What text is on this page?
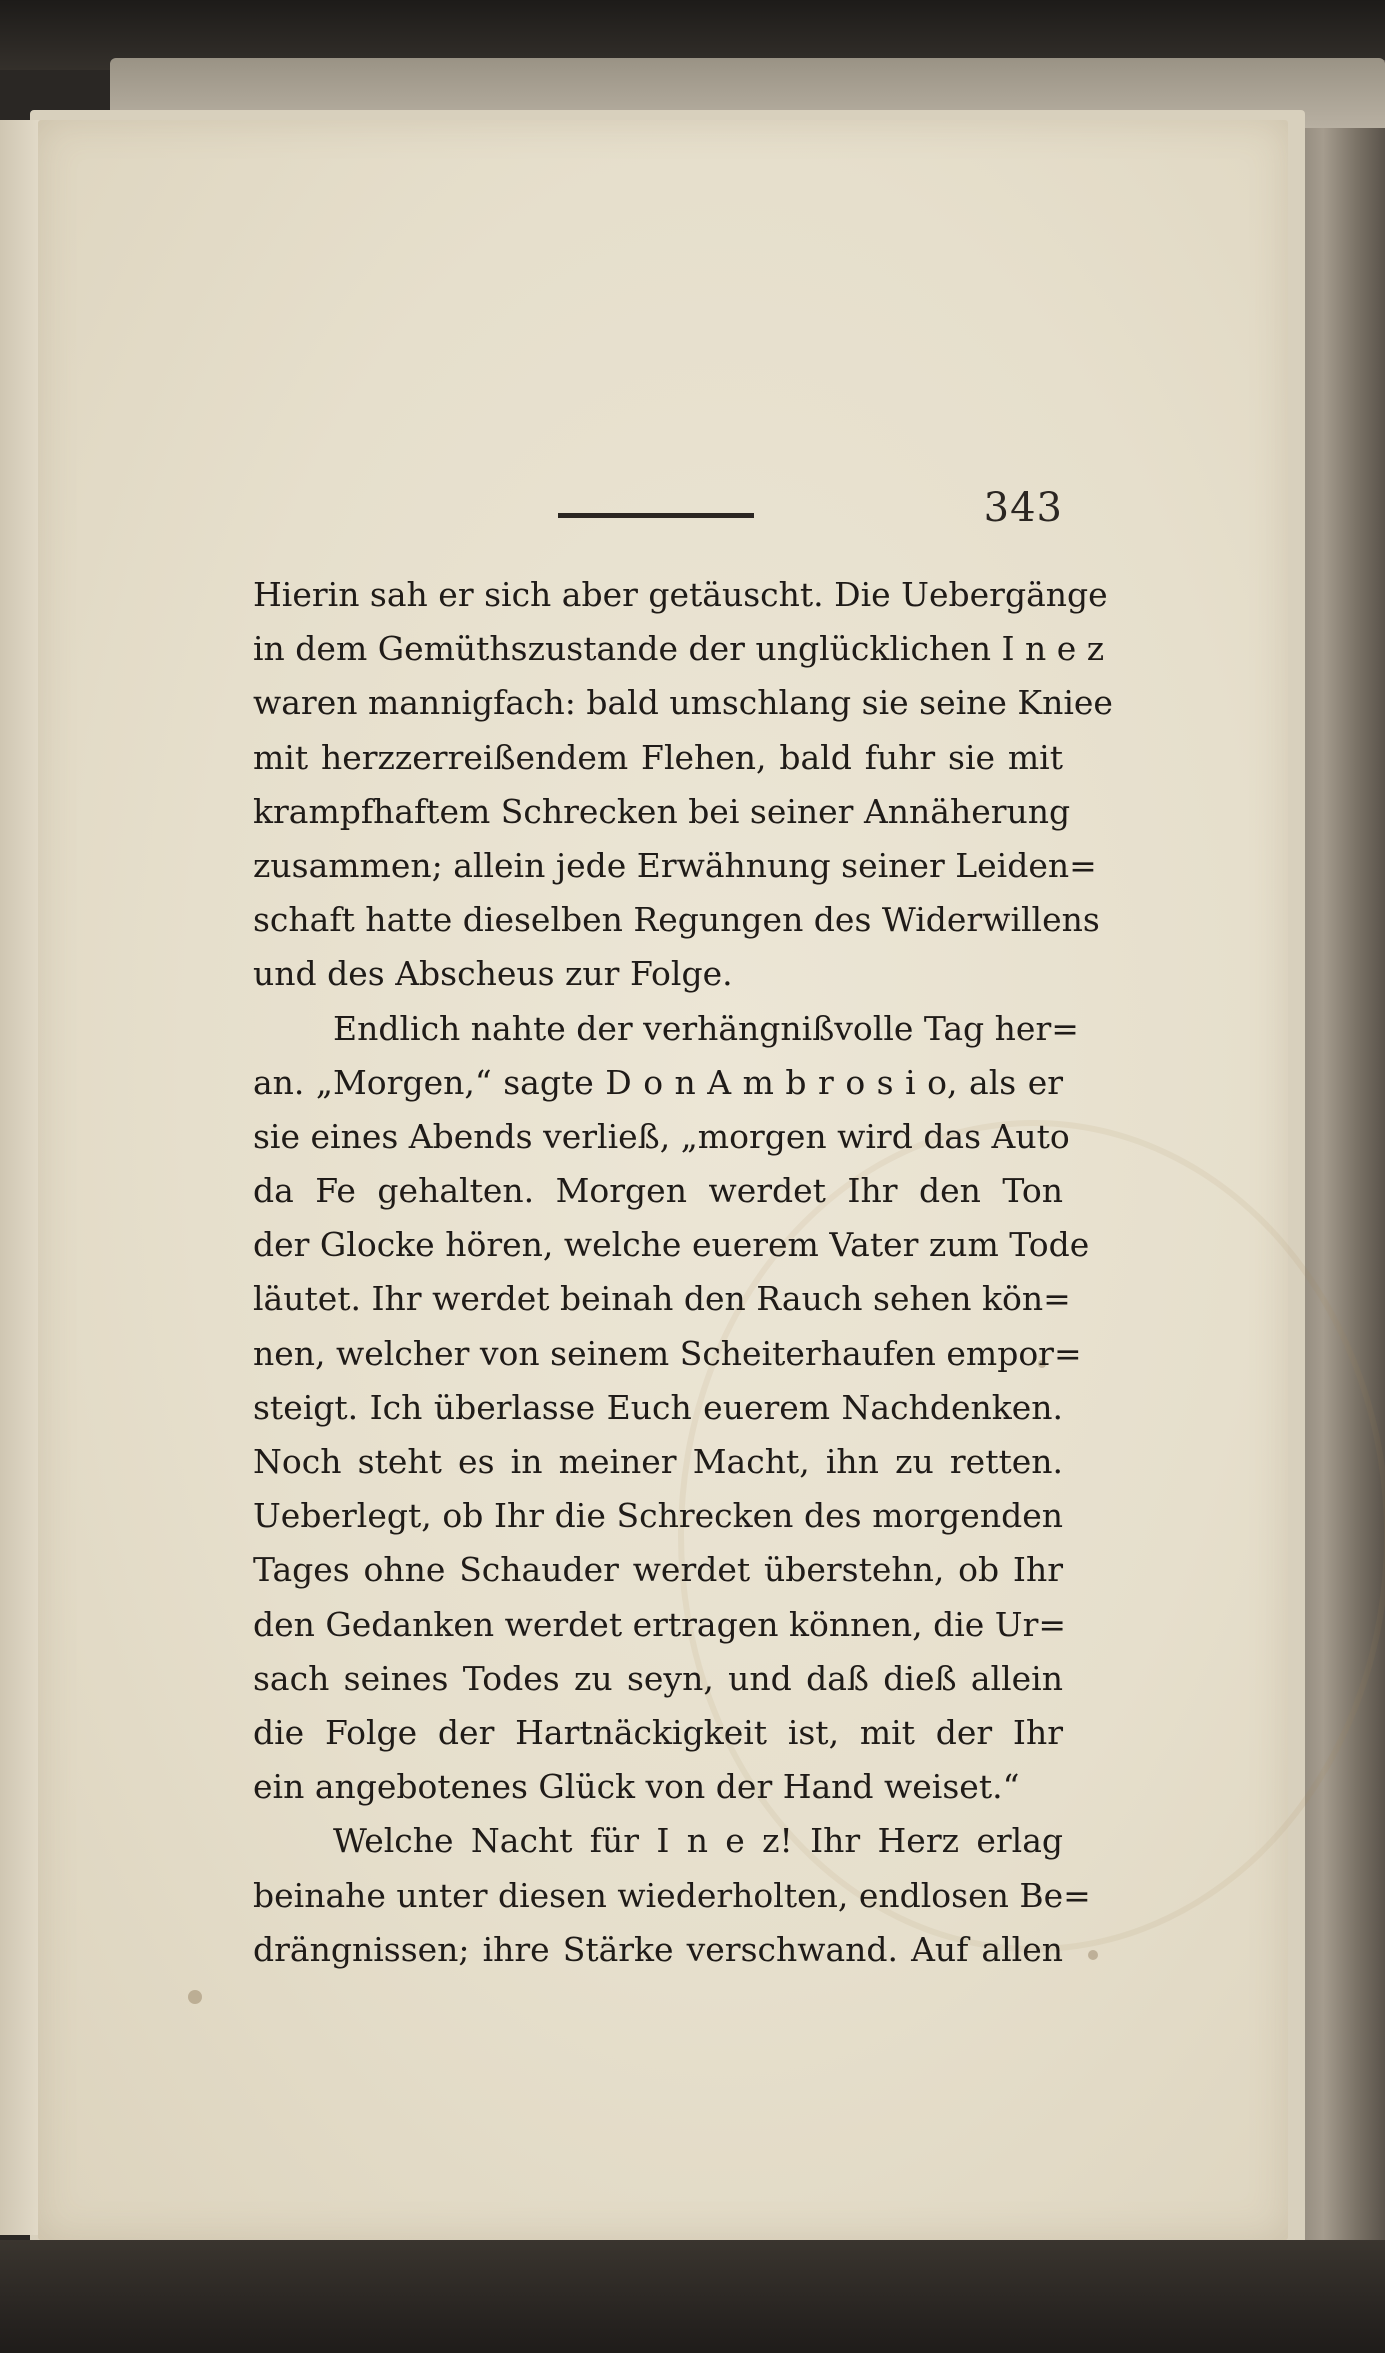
343
Hierin sah er sich aber getäuscht. Die Uebergänge
in dem Gemüthszustande der unglücklichen I n e z
waren mannigfach: bald umschlang sie seine Kniee
mit herzzerreißendem Flehen, bald fuhr sie mit
krampfhaftem Schrecken bei seiner Annäherung
zusammen; allein jede Erwähnung seiner Leiden=
schaft hatte dieselben Regungen des Widerwillens
und des Abscheus zur Folge.
Endlich nahte der verhängnißvolle Tag her=
an. „Morgen,“ sagte D o n A m b r o s i o, als er
sie eines Abends verließ, „morgen wird das Auto
da Fe gehalten. Morgen werdet Ihr den Ton
der Glocke hören, welche euerem Vater zum Tode
läutet. Ihr werdet beinah den Rauch sehen kön=
nen, welcher von seinem Scheiterhaufen empor=
steigt. Ich überlasse Euch euerem Nachdenken.
Noch steht es in meiner Macht, ihn zu retten.
Ueberlegt, ob Ihr die Schrecken des morgenden
Tages ohne Schauder werdet überstehn, ob Ihr
den Gedanken werdet ertragen können, die Ur=
sach seines Todes zu seyn, und daß dieß allein
die Folge der Hartnäckigkeit ist, mit der Ihr
ein angebotenes Glück von der Hand weiset.“
Welche Nacht für I n e z! Ihr Herz erlag
beinahe unter diesen wiederholten, endlosen Be=
drängnissen; ihre Stärke verschwand. Auf allen
